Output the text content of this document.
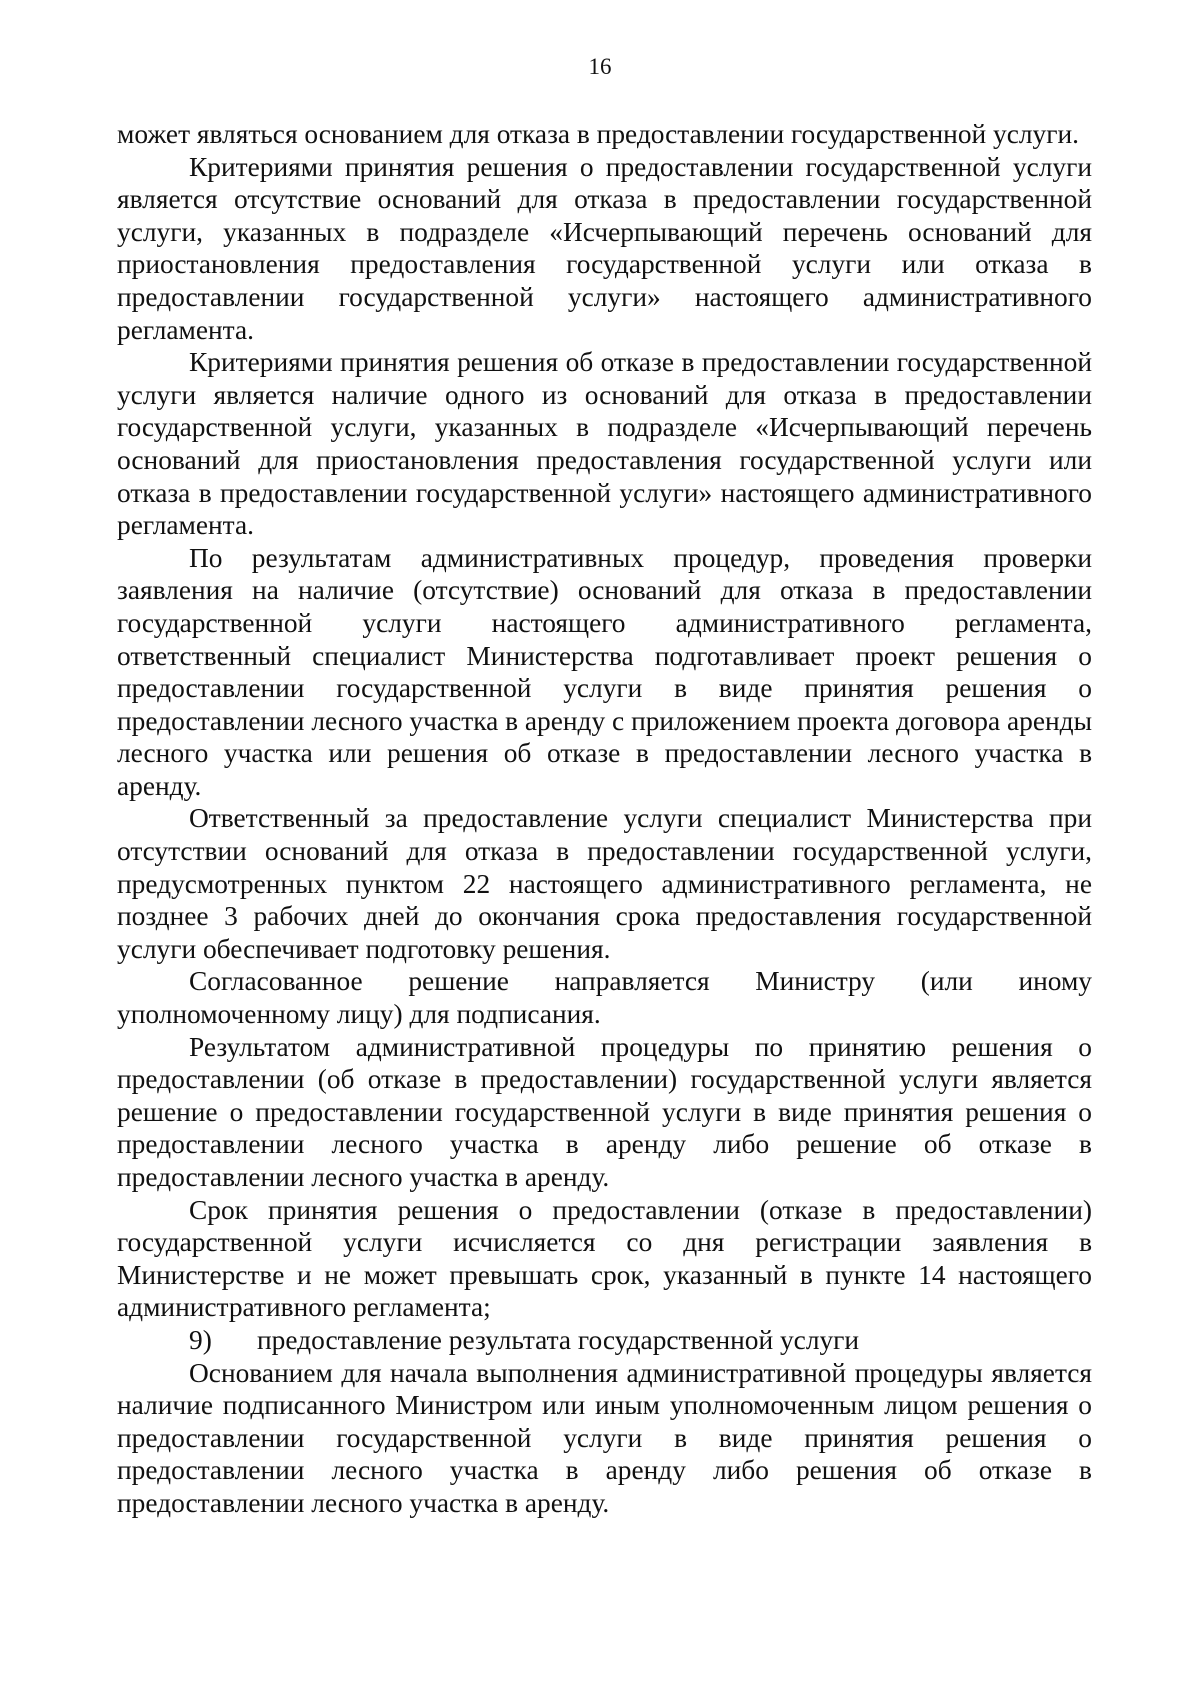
16

может являться основанием для отказа в предоставлении государственной услуги.

Критериями принятия решения о предоставлении государственной услуги является отсутствие оснований для отказа в предоставлении государственной услуги, указанных в подразделе «Исчерпывающий перечень оснований для приостановления предоставления государственной услуги или отказа в предоставлении государственной услуги» настоящего административного регламента.

Критериями принятия решения об отказе в предоставлении государственной услуги является наличие одного из оснований для отказа в предоставлении государственной услуги, указанных в подразделе «Исчерпывающий перечень оснований для приостановления предоставления государственной услуги или отказа в предоставлении государственной услуги» настоящего административного регламента.

По результатам административных процедур, проведения проверки заявления на наличие (отсутствие) оснований для отказа в предоставлении государственной услуги настоящего административного регламента, ответственный специалист Министерства подготавливает проект решения о предоставлении государственной услуги в виде принятия решения о предоставлении лесного участка в аренду с приложением проекта договора аренды лесного участка или решения об отказе в предоставлении лесного участка в аренду.

Ответственный за предоставление услуги специалист Министерства при отсутствии оснований для отказа в предоставлении государственной услуги, предусмотренных пунктом 22 настоящего административного регламента, не позднее 3 рабочих дней до окончания срока предоставления государственной услуги обеспечивает подготовку решения.

Согласованное решение направляется Министру (или иному уполномоченному лицу) для подписания.

Результатом административной процедуры по принятию решения о предоставлении (об отказе в предоставлении) государственной услуги является решение о предоставлении государственной услуги в виде принятия решения о предоставлении лесного участка в аренду либо решение об отказе в предоставлении лесного участка в аренду.

Срок принятия решения о предоставлении (отказе в предоставлении) государственной услуги исчисляется со дня регистрации заявления в Министерстве и не может превышать срок, указанный в пункте 14 настоящего административного регламента;

9)	предоставление результата государственной услуги

Основанием для начала выполнения административной процедуры является наличие подписанного Министром или иным уполномоченным лицом решения о предоставлении государственной услуги в виде принятия решения о предоставлении лесного участка в аренду либо решения об отказе в предоставлении лесного участка в аренду.
